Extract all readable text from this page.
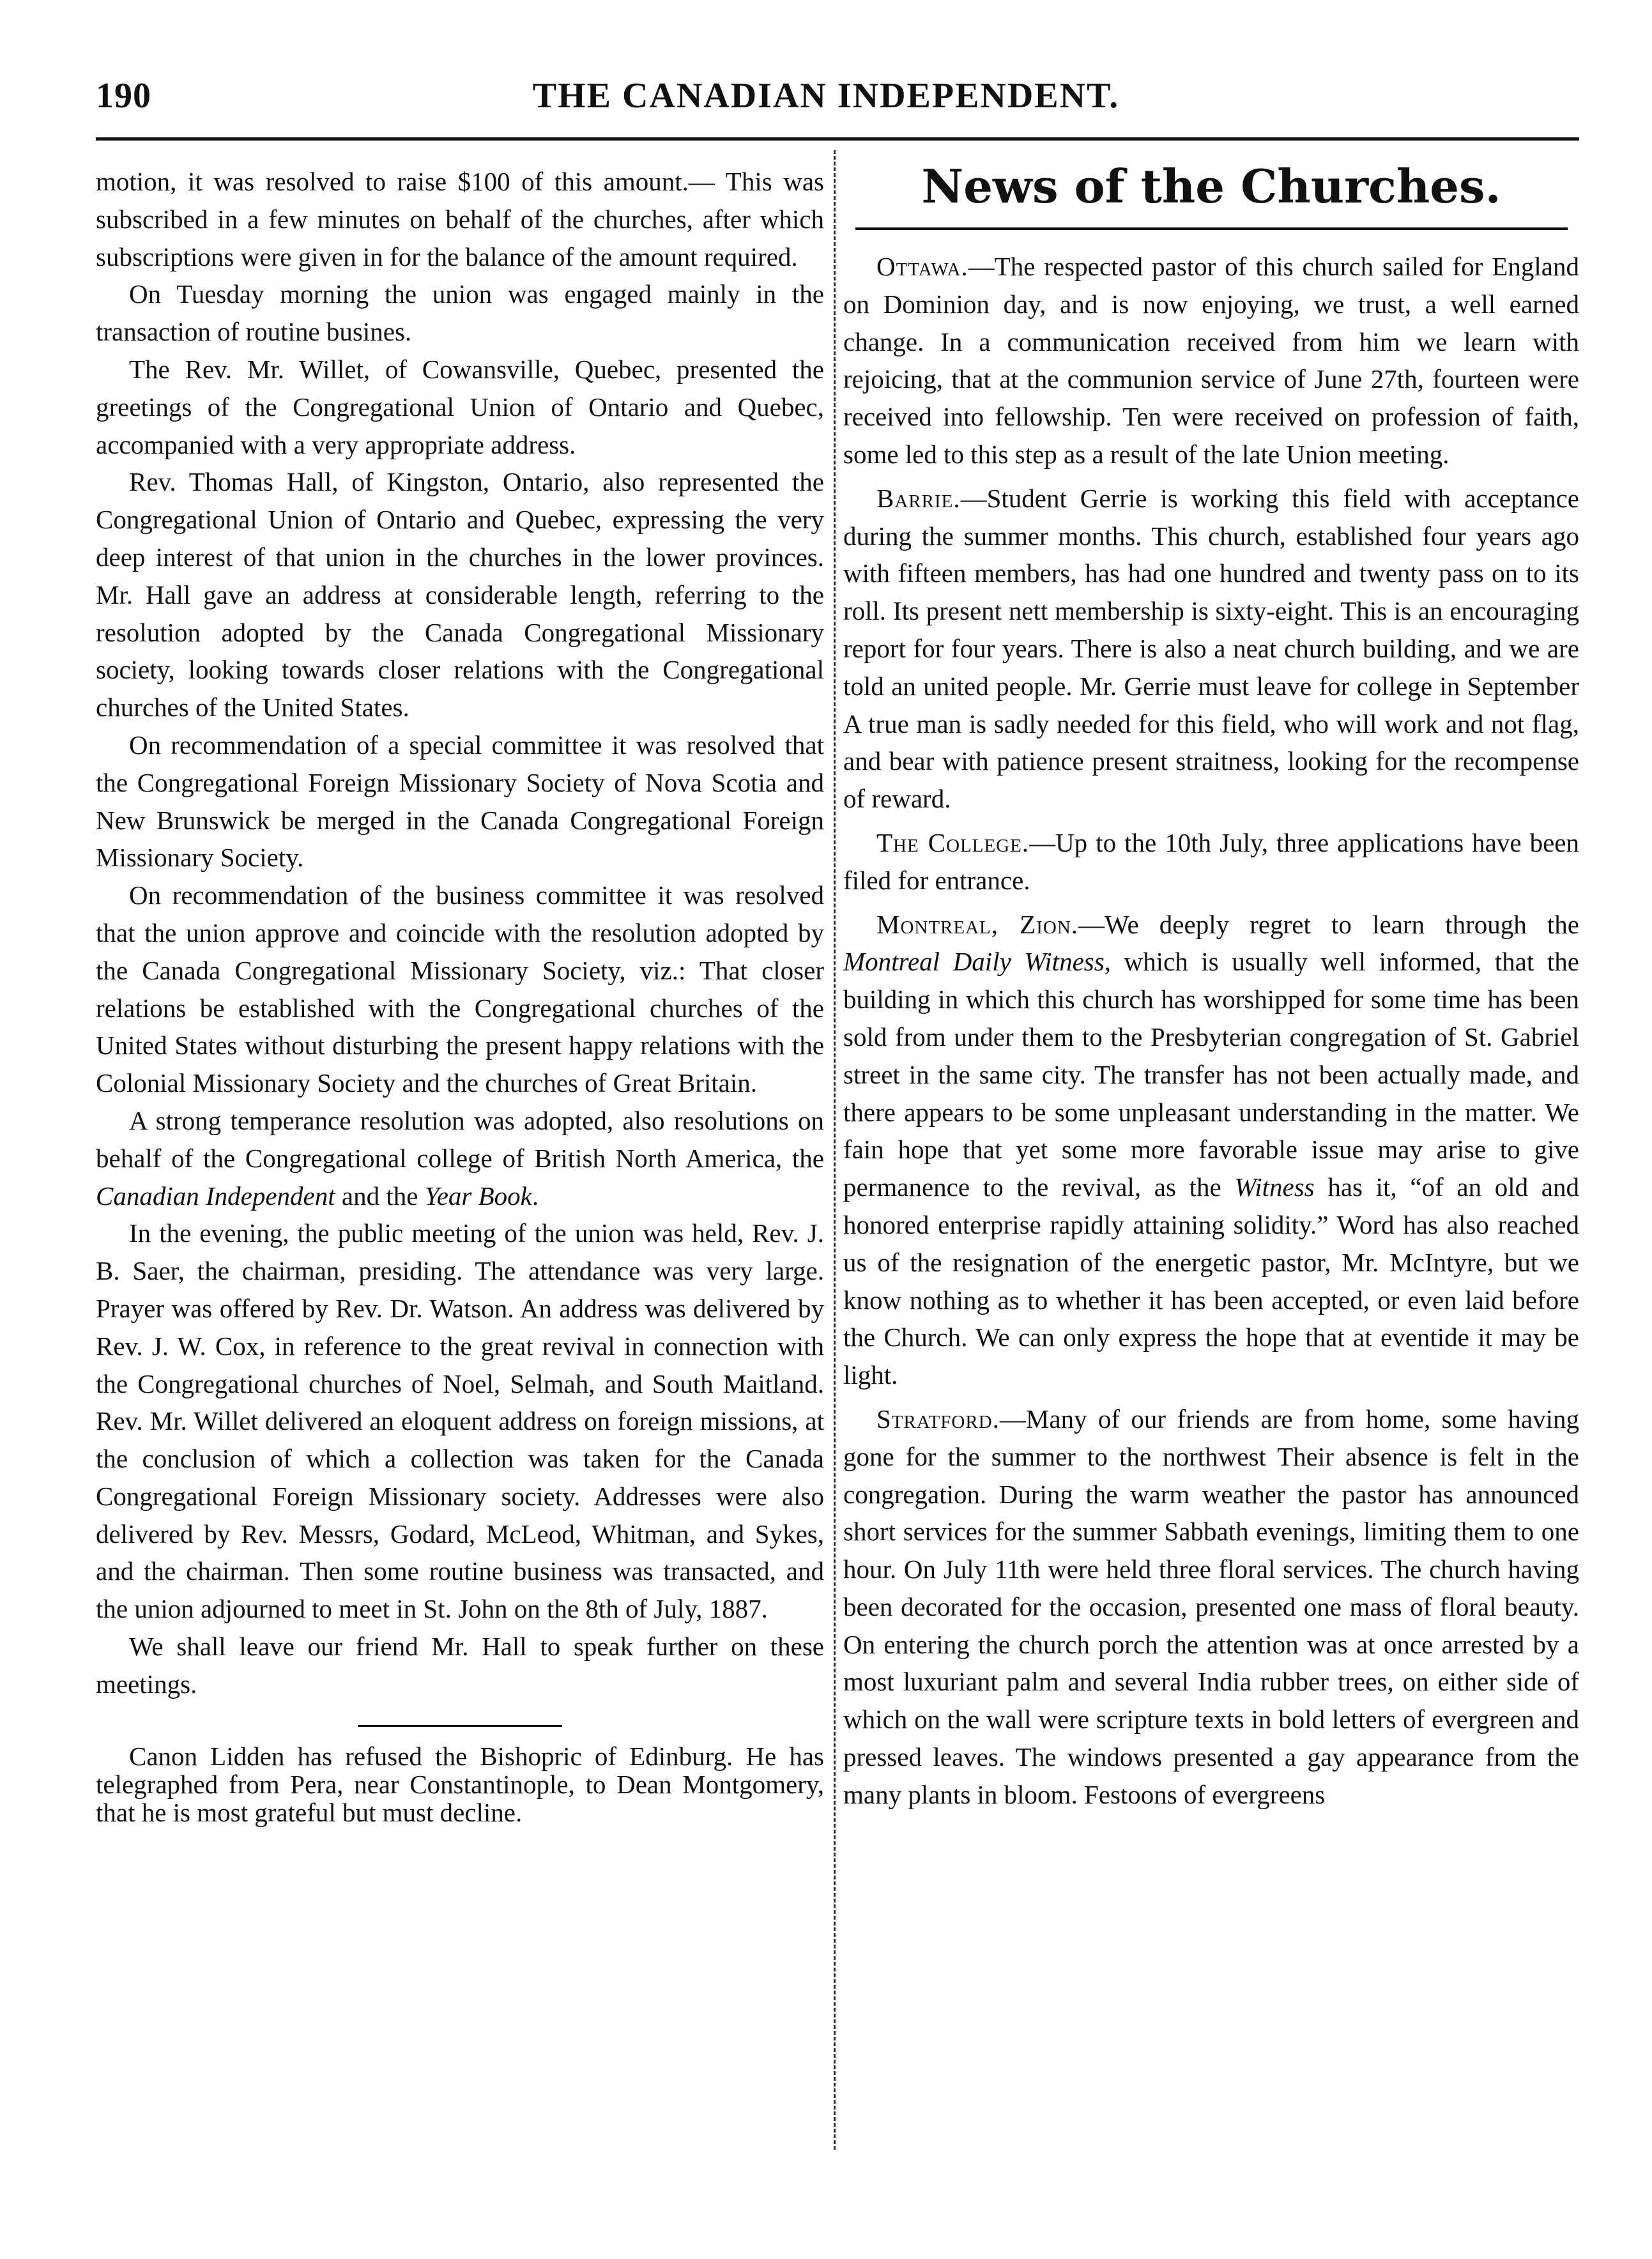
190	THE CANADIAN INDEPENDENT.

motion, it was resolved to raise $100 of this amount.— This was subscribed in a few minutes on behalf of the churches, after which subscriptions were given in for the balance of the amount required.

On Tuesday morning the union was engaged mainly in the transaction of routine busines.

The Rev. Mr. Willet, of Cowansville, Quebec, presented the greetings of the Congregational Union of Ontario and Quebec, accompanied with a very appropriate address.

Rev. Thomas Hall, of Kingston, Ontario, also represented the Congregational Union of Ontario and Quebec, expressing the very deep interest of that union in the churches in the lower provinces. Mr. Hall gave an address at considerable length, referring to the resolution adopted by the Canada Congregational Missionary society, looking towards closer relations with the Congregational churches of the United States.

On recommendation of a special committee it was resolved that the Congregational Foreign Missionary Society of Nova Scotia and New Brunswick be merged in the Canada Congregational Foreign Missionary Society.

On recommendation of the business committee it was resolved that the union approve and coincide with the resolution adopted by the Canada Congregational Missionary Society, viz.: That closer relations be established with the Congregational churches of the United States without disturbing the present happy relations with the Colonial Missionary Society and the churches of Great Britain.

A strong temperance resolution was adopted, also resolutions on behalf of the Congregational college of British North America, the Canadian Independent and the Year Book.

In the evening, the public meeting of the union was held, Rev. J. B. Saer, the chairman, presiding. The attendance was very large. Prayer was offered by Rev. Dr. Watson. An address was delivered by Rev. J. W. Cox, in reference to the great revival in connection with the Congregational churches of Noel, Selmah, and South Maitland. Rev. Mr. Willet delivered an eloquent address on foreign missions, at the conclusion of which a collection was taken for the Canada Congregational Foreign Missionary society. Addresses were also delivered by Rev. Messrs, Godard, McLeod, Whitman, and Sykes, and the chairman. Then some routine business was transacted, and the union adjourned to meet in St. John on the 8th of July, 1887.

We shall leave our friend Mr. Hall to speak further on these meetings.

Canon Lidden has refused the Bishopric of Edinburg. He has telegraphed from Pera, near Constantinople, to Dean Montgomery, that he is most grateful but must decline.

News of the Churches.

Ottawa.—The respected pastor of this church sailed for England on Dominion day, and is now enjoying, we trust, a well earned change. In a communication received from him we learn with rejoicing, that at the communion service of June 27th, fourteen were received into fellowship. Ten were received on profession of faith, some led to this step as a result of the late Union meeting.

Barrie.—Student Gerrie is working this field with acceptance during the summer months. This church, established four years ago with fifteen members, has had one hundred and twenty pass on to its roll. Its present nett membership is sixty-eight. This is an encouraging report for four years. There is also a neat church building, and we are told an united people. Mr. Gerrie must leave for college in September A true man is sadly needed for this field, who will work and not flag, and bear with patience present straitness, looking for the recompense of reward.

The College.—Up to the 10th July, three applications have been filed for entrance.

Montreal, Zion.—We deeply regret to learn through the Montreal Daily Witness, which is usually well informed, that the building in which this church has worshipped for some time has been sold from under them to the Presbyterian congregation of St. Gabriel street in the same city. The transfer has not been actually made, and there appears to be some unpleasant understanding in the matter. We fain hope that yet some more favorable issue may arise to give permanence to the revival, as the Witness has it, “of an old and honored enterprise rapidly attaining solidity.” Word has also reached us of the resignation of the energetic pastor, Mr. McIntyre, but we know nothing as to whether it has been accepted, or even laid before the Church. We can only express the hope that at eventide it may be light.

Stratford.—Many of our friends are from home, some having gone for the summer to the northwest Their absence is felt in the congregation. During the warm weather the pastor has announced short services for the summer Sabbath evenings, limiting them to one hour. On July 11th were held three floral services. The church having been decorated for the occasion, presented one mass of floral beauty. On entering the church porch the attention was at once arrested by a most luxuriant palm and several India rubber trees, on either side of which on the wall were scripture texts in bold letters of evergreen and pressed leaves. The windows presented a gay appearance from the many plants in bloom. Festoons of evergreens
